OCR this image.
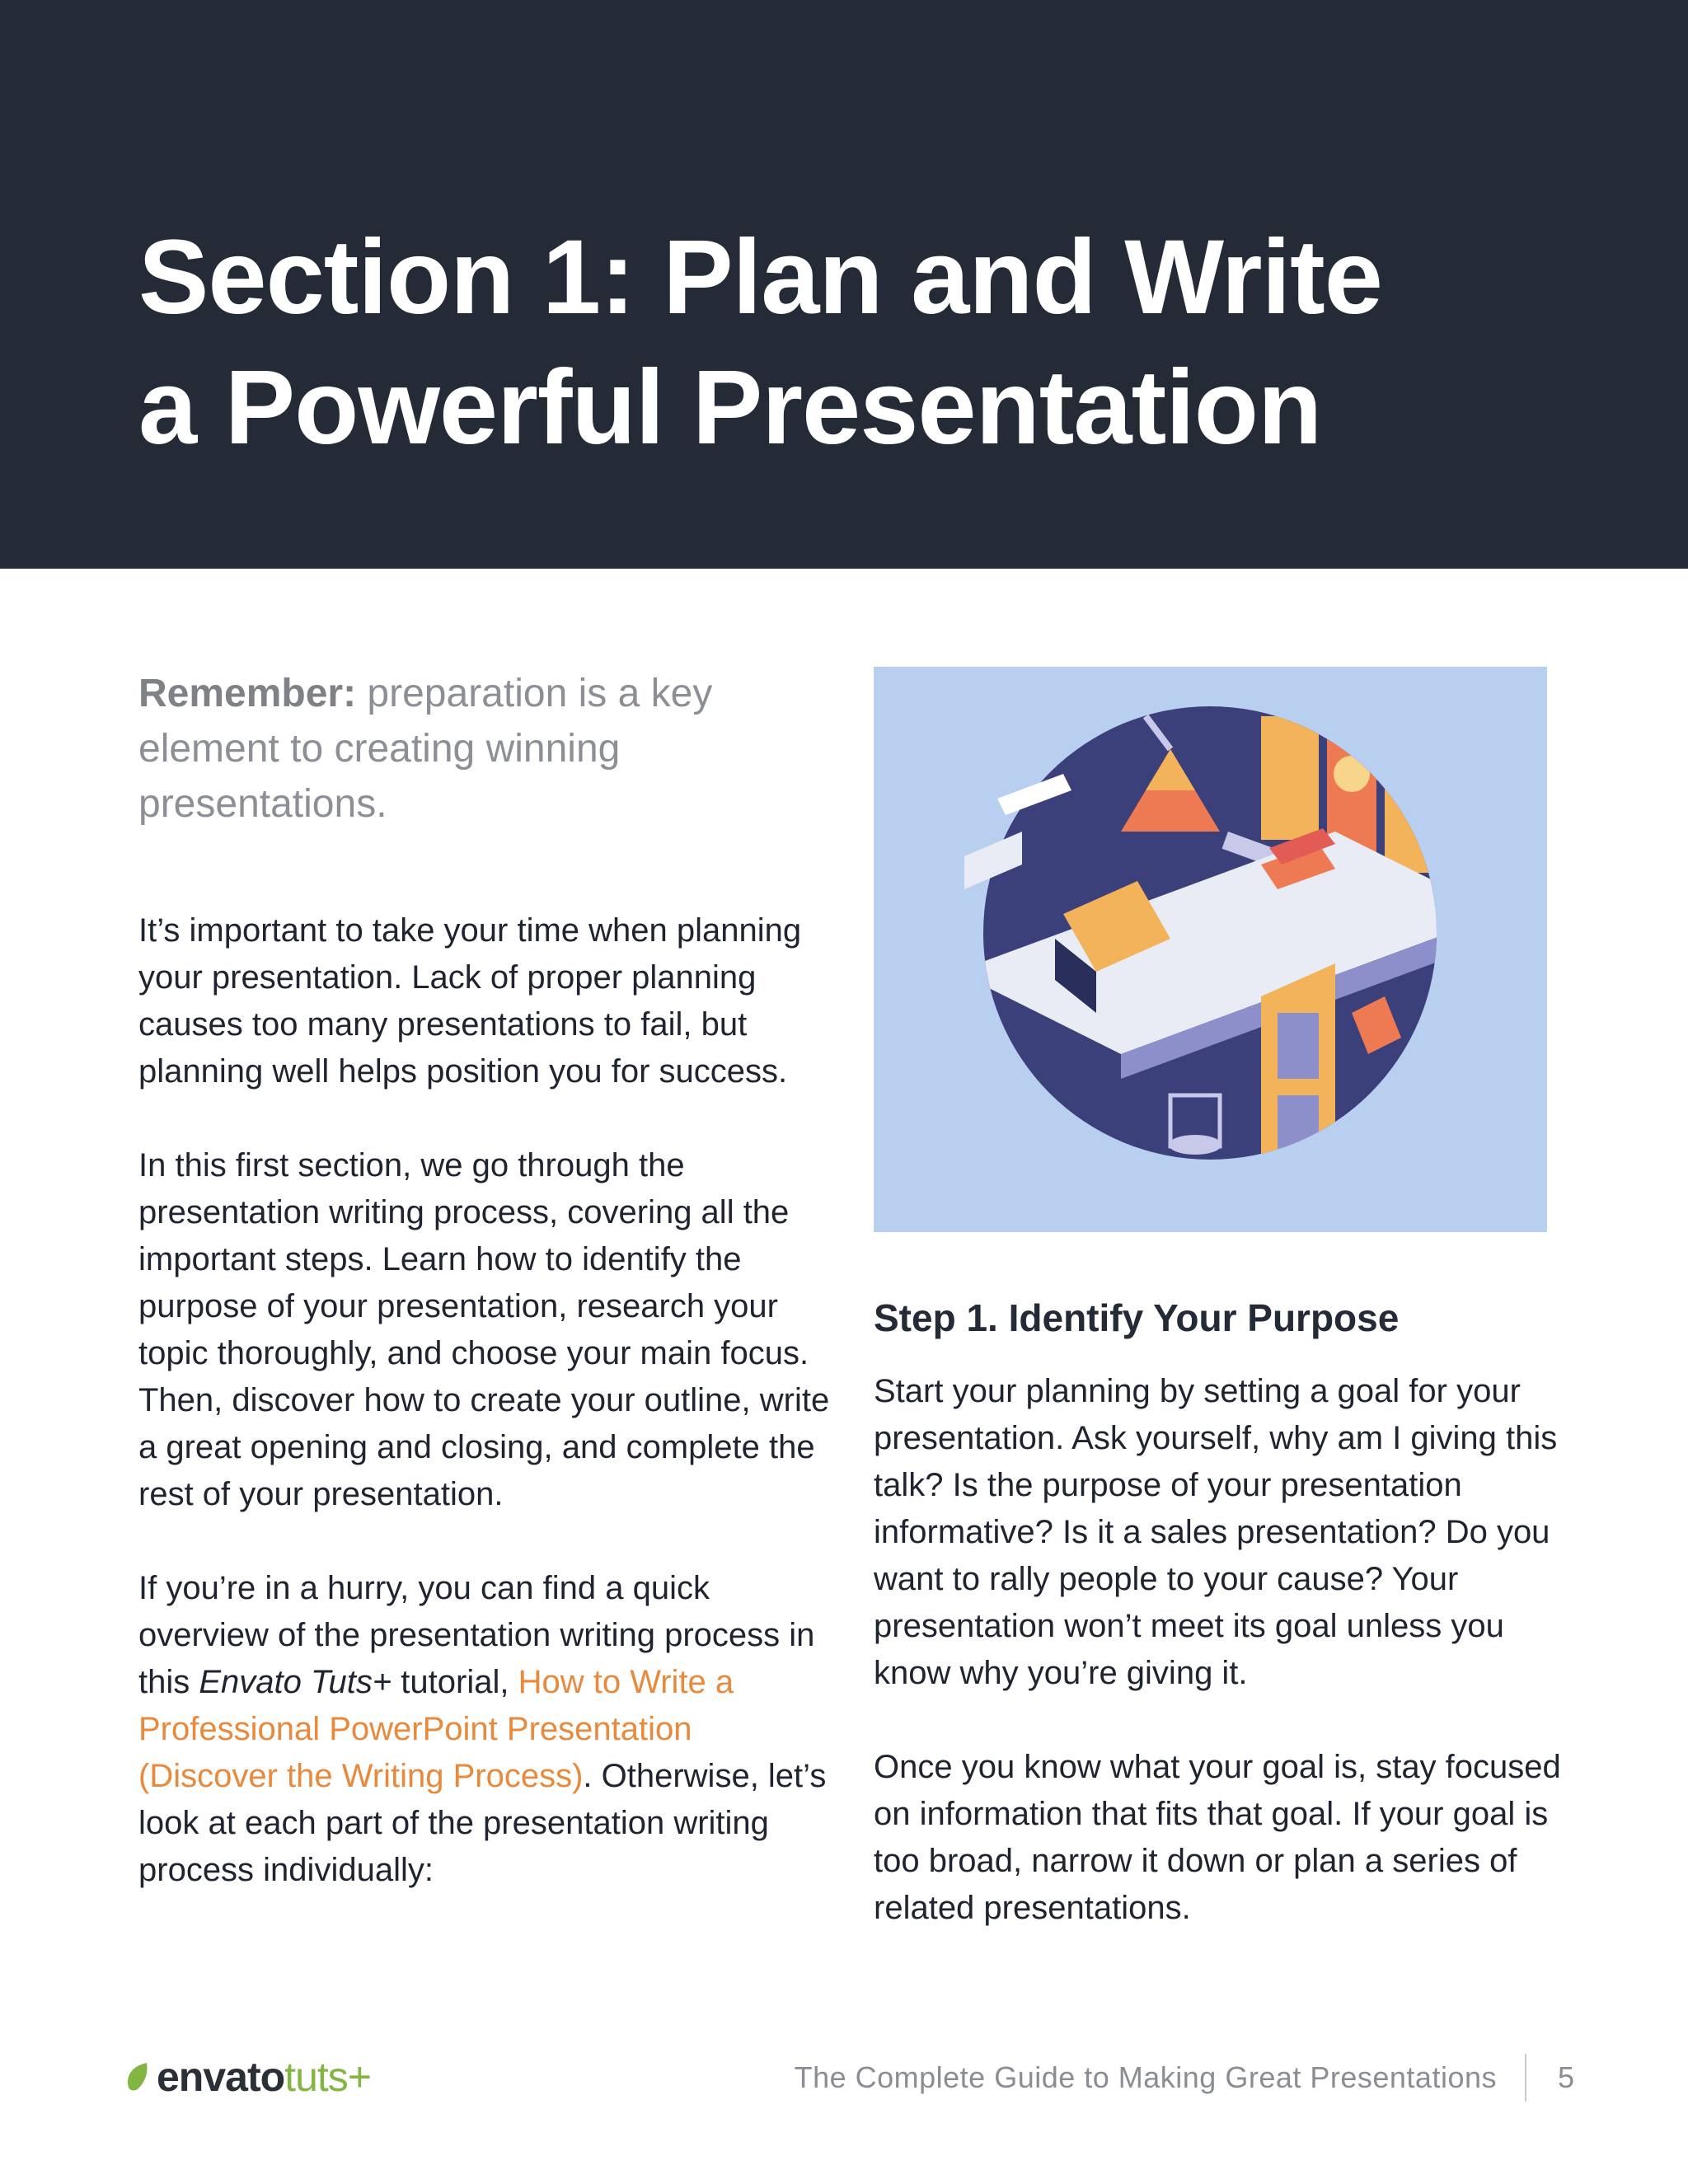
Section 1: Plan and Write
a Powerful Presentation

Remember: preparation is a key element to creating winning presentations.

It’s important to take your time when planning your presentation. Lack of proper planning causes too many presentations to fail, but planning well helps position you for success.

In this first section, we go through the presentation writing process, covering all the important steps. Learn how to identify the purpose of your presentation, research your topic thoroughly, and choose your main focus. Then, discover how to create your outline, write a great opening and closing, and complete the rest of your presentation.

If you’re in a hurry, you can find a quick overview of the presentation writing process in this Envato Tuts+ tutorial, How to Write a Professional PowerPoint Presentation (Discover the Writing Process). Otherwise, let’s look at each part of the presentation writing process individually:

Step 1. Identify Your Purpose

Start your planning by setting a goal for your presentation. Ask yourself, why am I giving this talk? Is the purpose of your presentation informative? Is it a sales presentation? Do you want to rally people to your cause? Your presentation won’t meet its goal unless you know why you’re giving it.

Once you know what your goal is, stay focused on information that fits that goal. If your goal is too broad, narrow it down or plan a series of related presentations.

envato tuts+	The Complete Guide to Making Great Presentations 5
